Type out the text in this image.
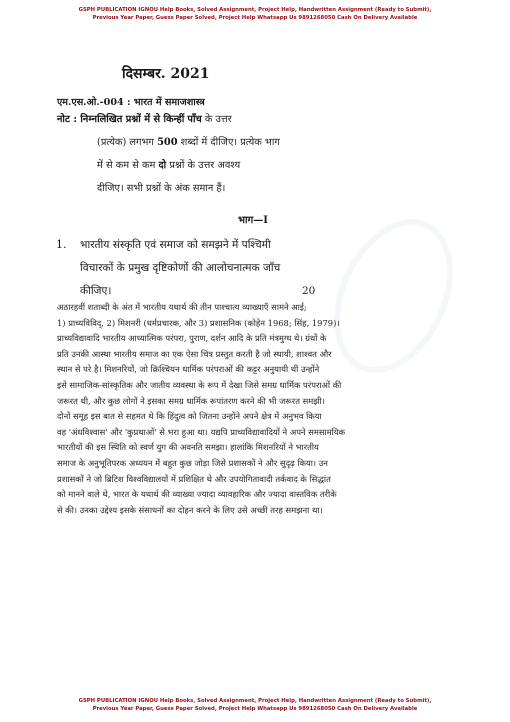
GSPH PUBLICATION IGNOU Help Books, Solved Assignment, Project Help, Handwritten Assignment (Ready to Submit),
Previous Year Paper, Guess Paper Solved, Project Help Whatsapp Us 9891268050 Cash On Delivery Available
दिसम्बर. 2021
एम.एस.ओ.-004 : भारत में समाजशास्त्र
नोट : निम्नलिखित प्रश्नों में से किन्हीं पाँच के उत्तर
(प्रत्येक) लगभग 500 शब्दों में दीजिए। प्रत्येक भाग
में से कम से कम दो प्रश्नों के उत्तर अवश्य
दीजिए। सभी प्रश्नों के अंक समान हैं।
भाग—I
1. भारतीय संस्कृति एवं समाज को समझने में पश्चिमी
विचारकों के प्रमुख दृष्टिकोणों की आलोचनात्मक जाँच
कीजिए।	20
अठारहवीं शताब्दी के अंत में भारतीय यथार्थ की तीन पाश्चात्य व्याख्याएँ सामने आई;
1) प्राच्यविविद्, 2) मिशनरी (धर्मप्रचारक, और 3) प्रशासनिक (कोहेन 1968; सिंह, 1979)।
प्राच्यविद्यावादि भारतीय आध्यात्मिक परंपरा, पुराण, दर्शन आदि के प्रति मंत्रमुग्ध थे। ग्रंथों के
प्रति उनकी आस्था भारतीय समाज का एक ऐसा चित्र प्रस्तुत करती है जो स्थायी, शाश्वत और
स्थान से परे है। मिशनरियों, जो क्रिश्चियन धार्मिक परंपराओं की कट्टर अनुयायी थीं उन्होंने
इसे सामाजिक-सांस्कृतिक और जातीय व्यवस्था के रूप में देखा जिसे समग्र धार्मिक परंपराओं की
जरूरत थी, और कुछ लोगों ने इसका समग्र धार्मिक रूपांतरण करने की भी जरूरत समझी।
दोनों समूह इस बात से सहमत थे कि हिंदुत्व को जितना उन्होंने अपने क्षेत्र में अनुभव किया
वह 'अंधविश्वास' और 'कुप्रथाओं' से भरा हुआ था। यद्यपि प्राच्यविद्यावादियों ने अपने समसामयिक
भारतीयों की इस स्थिति को स्वर्ण युग की अवनति समझा। हालांकि मिशनरियों ने भारतीय
समाज के अनुभूतिपरक अध्ययन में बहुत कुछ जोड़ा जिसे प्रशासकों ने और सुदृढ़ किया। उन
प्रशासकों ने जो ब्रिटिश विश्वविद्यालयों में प्रशिक्षित थे और उपयोगितावादी तर्कवाद के सिद्धांत
को मानने वाले थे, भारत के यथार्थ की व्याख्या ज्यादा व्यावहारिक और ज्यादा वास्तविक तरीके
से की। उनका उद्देश्य इसके संसाधनों का दोहन करने के लिए उसे अच्छी तरह समझना था।
GSPH PUBLICATION IGNOU Help Books, Solved Assignment, Project Help, Handwritten Assignment (Ready to Submit),
Previous Year Paper, Guess Paper Solved, Project Help Whatsapp Us 9891268050 Cash On Delivery Available
